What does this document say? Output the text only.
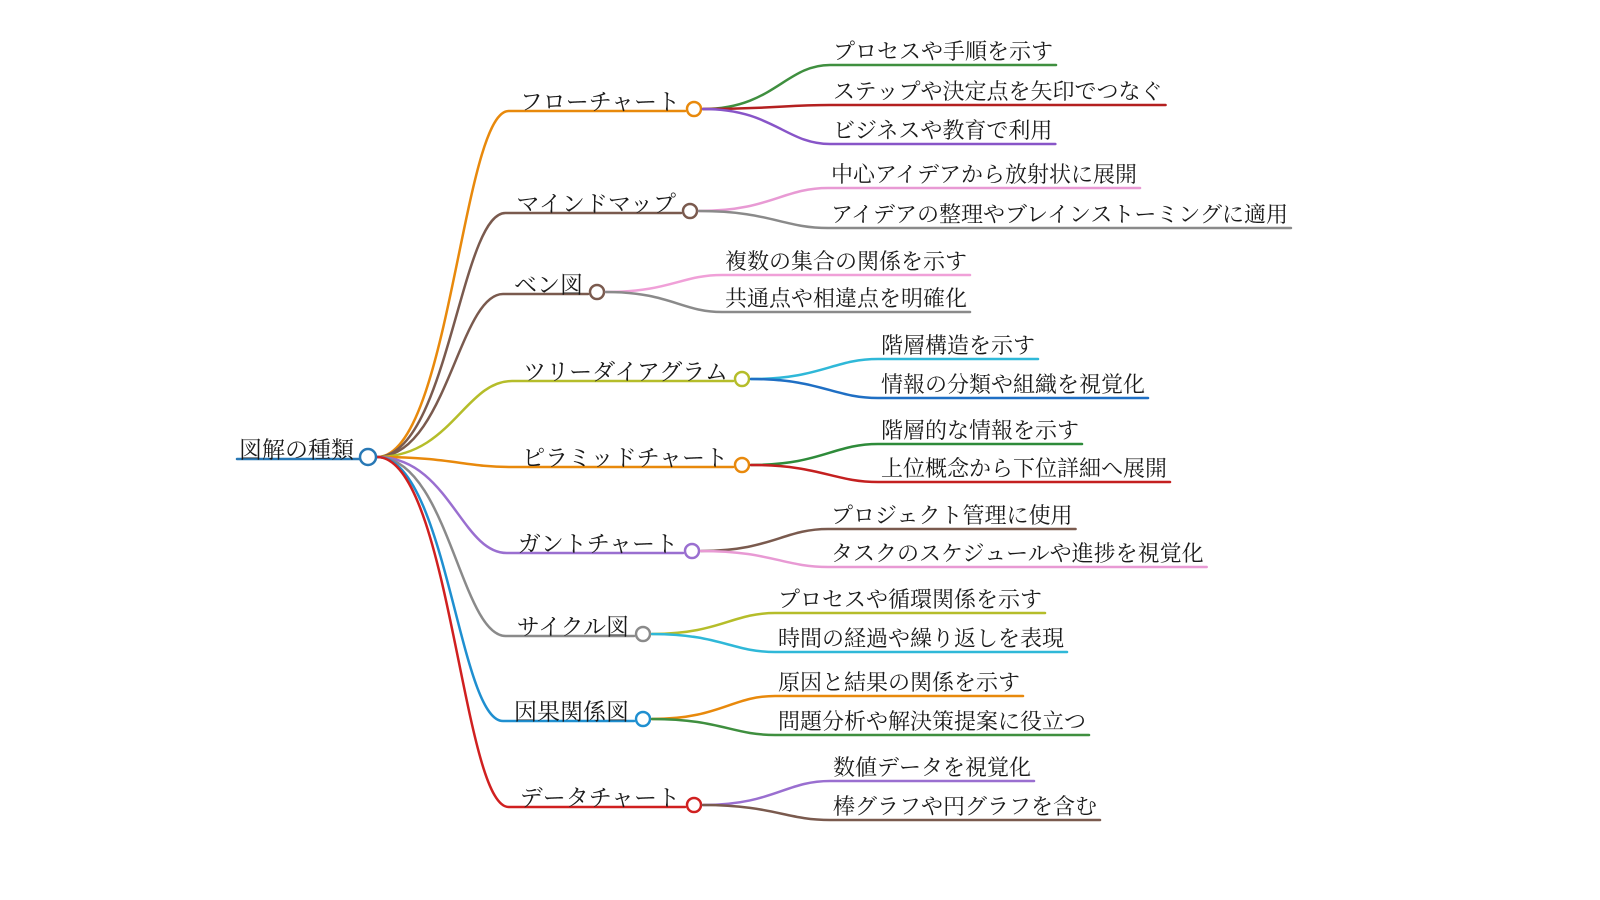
図解の種類
フローチャート
プロセスや手順を示す
ステップや決定点を矢印でつなぐ
ビジネスや教育で利用
マインドマップ
中心アイデアから放射状に展開
アイデアの整理やブレインストーミングに適用
ベン図
複数の集合の関係を示す
共通点や相違点を明確化
ツリーダイアグラム
階層構造を示す
情報の分類や組織を視覚化
ピラミッドチャート
階層的な情報を示す
上位概念から下位詳細へ展開
ガントチャート
プロジェクト管理に使用
タスクのスケジュールや進捗を視覚化
サイクル図
プロセスや循環関係を示す
時間の経過や繰り返しを表現
因果関係図
原因と結果の関係を示す
問題分析や解決策提案に役立つ
データチャート
数値データを視覚化
棒グラフや円グラフを含む
